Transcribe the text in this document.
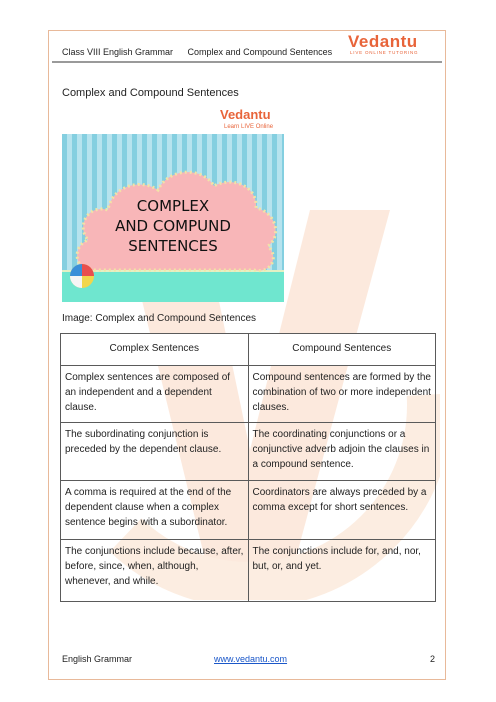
Class VIII English Grammar Complex and Compound Sentences
Vedantu
LIVE ONLINE TUTORING
Complex and Compound Sentences
Vedantu
Learn LIVE Online
COMPLEX
AND COMPUND
SENTENCES
Image: Complex and Compound Sentences
Complex Sentences	Compound Sentences
Complex sentences are composed of an independent and a dependent clause.	Compound sentences are formed by the combination of two or more independent clauses.
The subordinating conjunction is preceded by the dependent clause.	The coordinating conjunctions or a conjunctive adverb adjoin the clauses in a compound sentence.
A comma is required at the end of the dependent clause when a complex sentence begins with a subordinator.	Coordinators are always preceded by a comma except for short sentences.
The conjunctions include because, after, before, since, when, although, whenever, and while.	The conjunctions include for, and, nor, but, or, and yet.
English Grammar	www.vedantu.com	2
